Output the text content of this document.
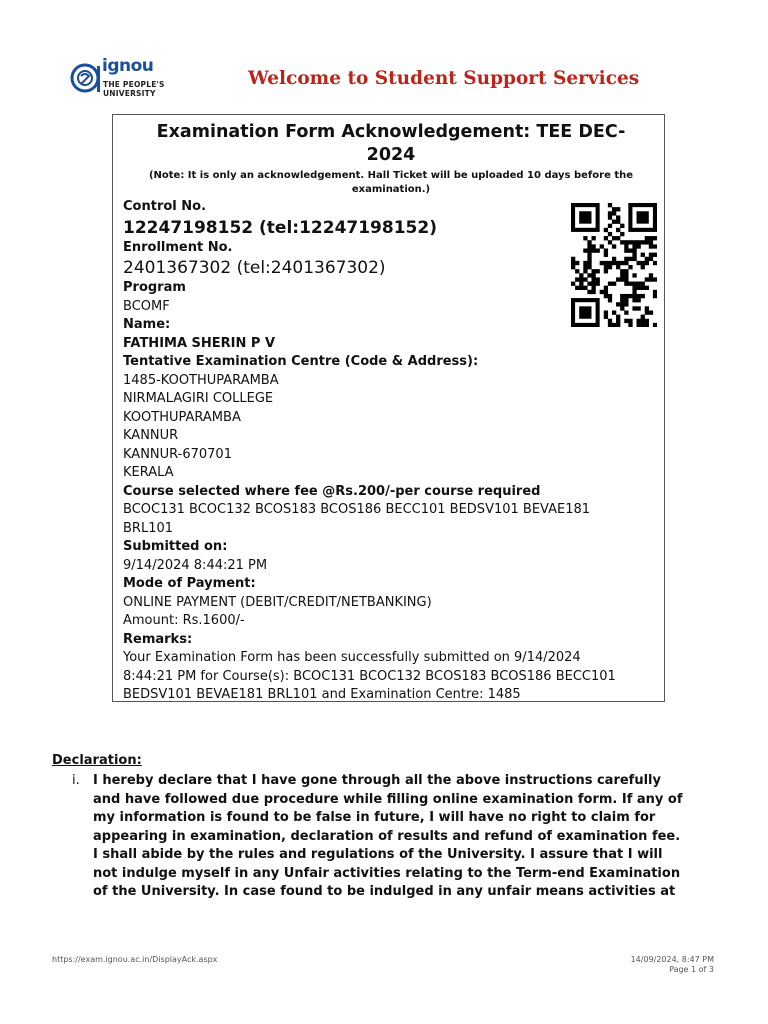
ignou
THE PEOPLE'S
UNIVERSITY
Welcome to Student Support Services
Examination Form Acknowledgement: TEE DEC-
2024
(Note: It is only an acknowledgement. Hall Ticket will be uploaded 10 days before the
examination.)
Control No.
12247198152 (tel:12247198152)
Enrollment No.
2401367302 (tel:2401367302)
Program
BCOMF
Name:
FATHIMA SHERIN P V
Tentative Examination Centre (Code & Address):
1485-KOOTHUPARAMBA
NIRMALAGIRI COLLEGE
KOOTHUPARAMBA
KANNUR
KANNUR-670701
KERALA
Course selected where fee @Rs.200/-per course required
BCOC131 BCOC132 BCOS183 BCOS186 BECC101 BEDSV101 BEVAE181
BRL101
Submitted on:
9/14/2024 8:44:21 PM
Mode of Payment:
ONLINE PAYMENT (DEBIT/CREDIT/NETBANKING)
Amount: Rs.1600/-
Remarks:
Your Examination Form has been successfully submitted on 9/14/2024
8:44:21 PM for Course(s): BCOC131 BCOC132 BCOS183 BCOS186 BECC101
BEDSV101 BEVAE181 BRL101 and Examination Centre: 1485
Declaration:
i. I hereby declare that I have gone through all the above instructions carefully
and have followed due procedure while filling online examination form. If any of
my information is found to be false in future, I will have no right to claim for
appearing in examination, declaration of results and refund of examination fee.
I shall abide by the rules and regulations of the University. I assure that I will
not indulge myself in any Unfair activities relating to the Term-end Examination
of the University. In case found to be indulged in any unfair means activities at
https://exam.ignou.ac.in/DisplayAck.aspx	14/09/2024, 8:47 PM
Page 1 of 3
